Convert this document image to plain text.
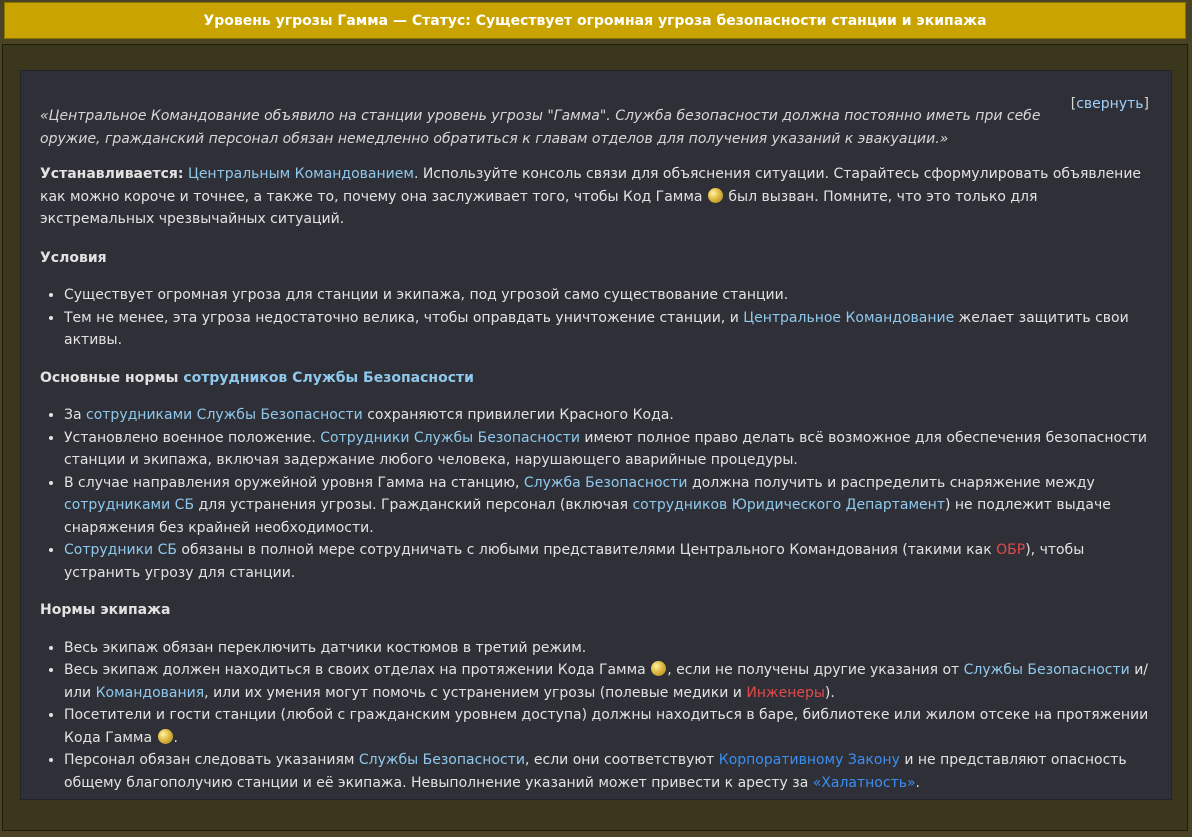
Уровень угрозы Гамма — Статус: Существует огромная угроза безопасности станции и экипажа
[свернуть]

«Центральное Командование объявило на станции уровень угрозы "Гамма". Служба безопасности должна постоянно иметь при себе оружие, гражданский персонал обязан немедленно обратиться к главам отделов для получения указаний к эвакуации.»

Устанавливается: Центральным Командованием. Используйте консоль связи для объяснения ситуации. Старайтесь сформулировать объявление как можно короче и точнее, а также то, почему она заслуживает того, чтобы Код Гамма был вызван. Помните, что это только для экстремальных чрезвычайных ситуаций.

Условия
• Существует огромная угроза для станции и экипажа, под угрозой само существование станции.
• Тем не менее, эта угроза недостаточно велика, чтобы оправдать уничтожение станции, и Центральное Командование желает защитить свои активы.
Основные нормы сотрудников Службы Безопасности
• За сотрудниками Службы Безопасности сохраняются привилегии Красного Кода.
• Установлено военное положение. Сотрудники Службы Безопасности имеют полное право делать всё возможное для обеспечения безопасности станции и экипажа, включая задержание любого человека, нарушающего аварийные процедуры.
• В случае направления оружейной уровня Гамма на станцию, Служба Безопасности должна получить и распределить снаряжение между сотрудниками СБ для устранения угрозы. Гражданский персонал (включая сотрудников Юридического Департамент) не подлежит выдаче снаряжения без крайней необходимости.
• Сотрудники СБ обязаны в полной мере сотрудничать с любыми представителями Центрального Командования (такими как ОБР), чтобы устранить угрозу для станции.
Нормы экипажа
• Весь экипаж обязан переключить датчики костюмов в третий режим.
• Весь экипаж должен находиться в своих отделах на протяжении Кода Гамма , если не получены другие указания от Службы Безопасности и/или Командования, или их умения могут помочь с устранением угрозы (полевые медики и Инженеры).
• Посетители и гости станции (любой с гражданским уровнем доступа) должны находиться в баре, библиотеке или жилом отсеке на протяжении Кода Гамма .
• Персонал обязан следовать указаниям Службы Безопасности, если они соответствуют Корпоративному Закону и не представляют опасность общему благополучию станции и её экипажа. Невыполнение указаний может привести к аресту за «Халатность».
